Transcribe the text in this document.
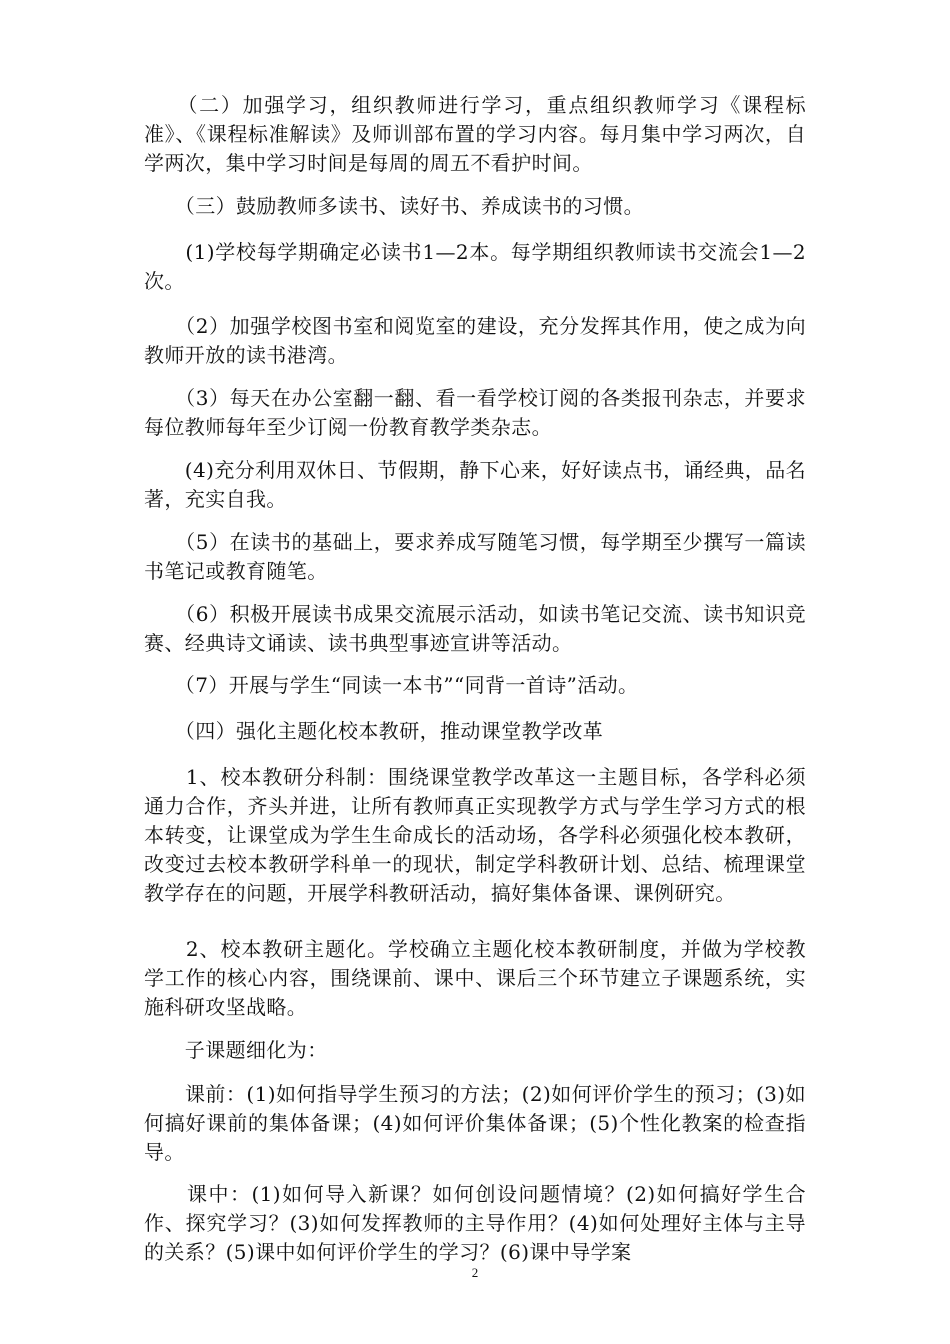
　　（二）加强学习，组织教师进行学习，重点组织教师学习《课程标准》、《课程标准解读》及师训部布置的学习内容。每月集中学习两次，自学两次，集中学习时间是每周的周五不看护时间。

　　（三）鼓励教师多读书、读好书、养成读书的习惯。

　　(1)学校每学期确定必读书1—2本。每学期组织教师读书交流会1—2次。

　　（2）加强学校图书室和阅览室的建设，充分发挥其作用，使之成为向教师开放的读书港湾。

　　（3）每天在办公室翻一翻、看一看学校订阅的各类报刊杂志，并要求每位教师每年至少订阅一份教育教学类杂志。

　　(4)充分利用双休日、节假期，静下心来，好好读点书，诵经典，品名著，充实自我。

　　（5）在读书的基础上，要求养成写随笔习惯，每学期至少撰写一篇读书笔记或教育随笔。

　　（6）积极开展读书成果交流展示活动，如读书笔记交流、读书知识竞赛、经典诗文诵读、读书典型事迹宣讲等活动。

　　（7）开展与学生“同读一本书”“同背一首诗”活动。

　　（四）强化主题化校本教研，推动课堂教学改革

　　1、校本教研分科制：围绕课堂教学改革这一主题目标，各学科必须通力合作，齐头并进，让所有教师真正实现教学方式与学生学习方式的根本转变，让课堂成为学生生命成长的活动场，各学科必须强化校本教研，改变过去校本教研学科单一的现状，制定学科教研计划、总结、梳理课堂教学存在的问题，开展学科教研活动，搞好集体备课、课例研究。

　　2、校本教研主题化。学校确立主题化校本教研制度，并做为学校教学工作的核心内容，围绕课前、课中、课后三个环节建立子课题系统，实施科研攻坚战略。

　　子课题细化为：

　　课前：(1)如何指导学生预习的方法；(2)如何评价学生的预习；(3)如何搞好课前的集体备课；(4)如何评价集体备课；(5)个性化教案的检查指导。

　　课中：(1)如何导入新课？如何创设问题情境？(2)如何搞好学生合作、探究学习？(3)如何发挥教师的主导作用？(4)如何处理好主体与主导的关系？(5)课中如何评价学生的学习？(6)课中导学案

2
